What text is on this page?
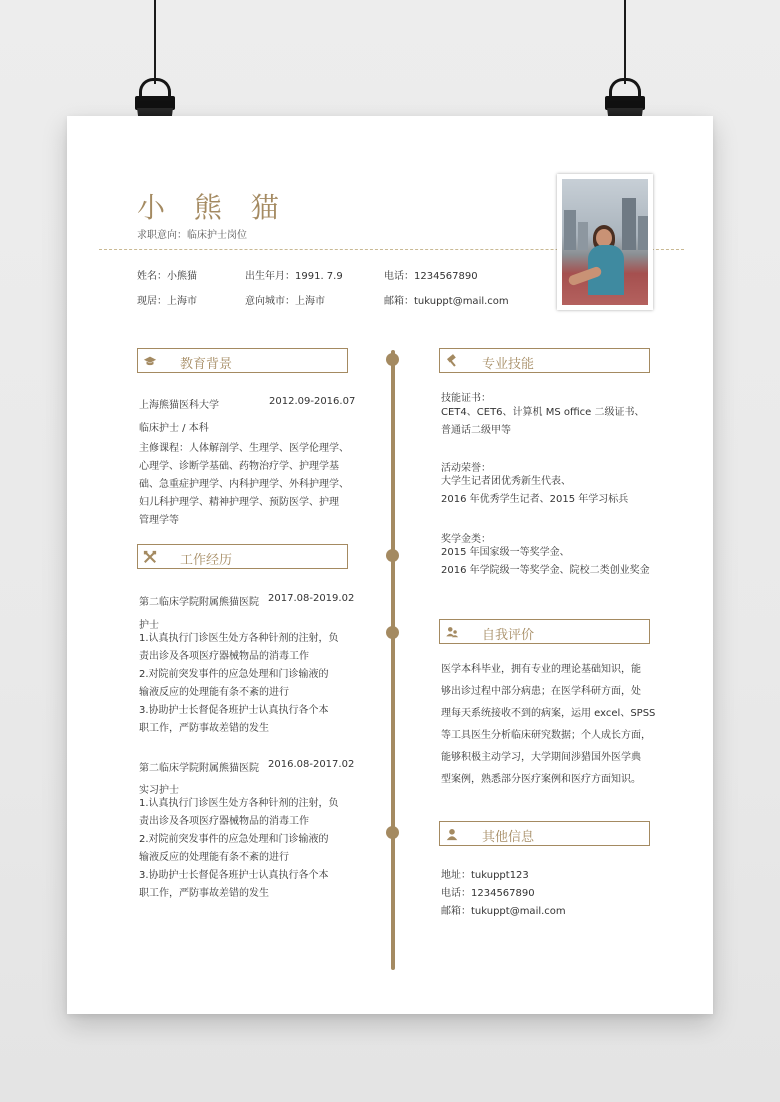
小 熊 猫
求职意向：临床护士岗位
姓名：小熊猫	出生年月：1991. 7.9	电话：1234567890
现居：上海市	意向城市：上海市	邮箱：tukuppt@mail.com
教育背景
上海熊猫医科大学	2012.09-2016.07
临床护士 / 本科

主修课程：人体解剖学、生理学、医学伦理学、

心理学、诊断学基础、药物治疗学、护理学基

础、急重症护理学、内科护理学、外科护理学、

妇儿科护理学、精神护理学、预防医学、护理

管理学等

工作经历
第二临床学院附属熊猫医院 2017.08-2019.02
护士

1.认真执行门诊医生处方各种针剂的注射，负

责出诊及各项医疗器械物品的消毒工作

2.对院前突发事件的应急处理和门诊输液的

输液反应的处理能有条不紊的进行

3.协助护士长督促各班护士认真执行各个本

职工作，严防事故差错的发生

第二临床学院附属熊猫医院 2016.08-2017.02
实习护士

1.认真执行门诊医生处方各种针剂的注射，负

责出诊及各项医疗器械物品的消毒工作

2.对院前突发事件的应急处理和门诊输液的

输液反应的处理能有条不紊的进行

3.协助护士长督促各班护士认真执行各个本

职工作，严防事故差错的发生

专业技能
技能证书：

CET4、CET6、计算机 MS office 二级证书、

普通话二级甲等

活动荣誉：

大学生记者团优秀新生代表、

2016 年优秀学生记者、2015 年学习标兵

奖学金类：

2015 年国家级一等奖学金、

2016 年学院级一等奖学金、院校二类创业奖金

自我评价

医学本科毕业，拥有专业的理论基础知识，能

够出诊过程中部分病患；在医学科研方面，处

理每天系统接收不到的病案，运用 excel、SPSS

等工具医生分析临床研究数据；个人成长方面，

能够积极主动学习，大学期间涉猎国外医学典

型案例，熟悉部分医疗案例和医疗方面知识。

其他信息
地址：tukuppt123
电话：1234567890
邮箱：tukuppt@mail.com
